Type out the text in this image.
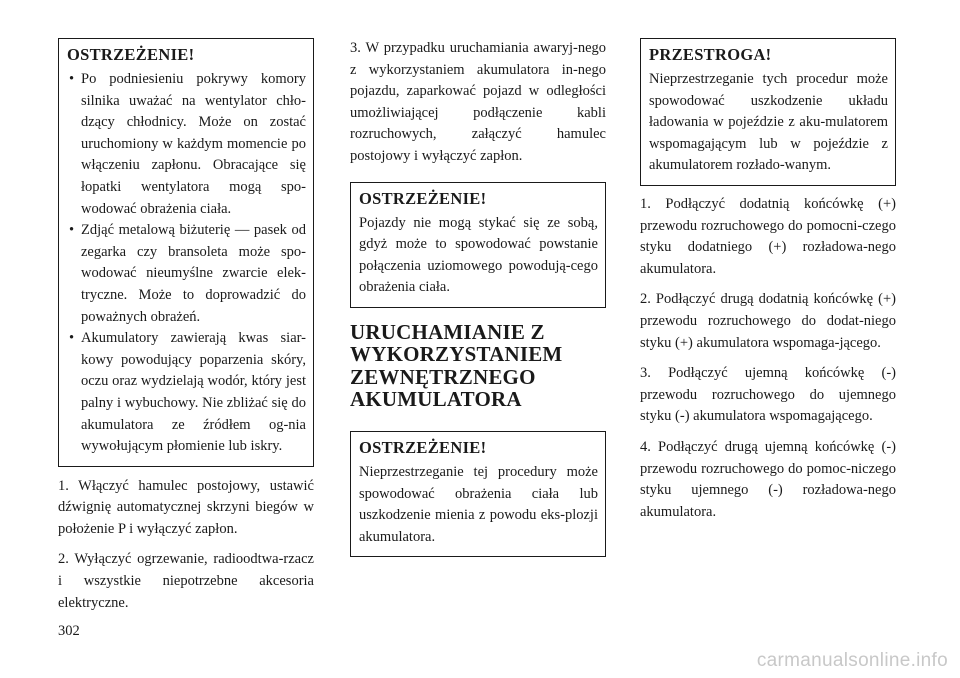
OSTRZEŻENIE!
• Po podniesieniu pokrywy komory silnika uważać na wentylator chło-dzący chłodnicy. Może on zostać uruchomiony w każdym momencie po włączeniu zapłonu. Obracające się łopatki wentylatora mogą spo-wodować obrażenia ciała.
• Zdjąć metalową biżuterię — pasek od zegarka czy bransoleta może spo-wodować nieumyślne zwarcie elek-tryczne. Może to doprowadzić do poważnych obrażeń.
• Akumulatory zawierają kwas siar-kowy powodujący poparzenia skóry, oczu oraz wydzielają wodór, który jest palny i wybuchowy. Nie zbliżać się do akumulatora ze źródłem og-nia wywołującym płomienie lub iskry.

1. Włączyć hamulec postojowy, ustawić dźwignię automatycznej skrzyni biegów w położenie P i wyłączyć zapłon.

2. Wyłączyć ogrzewanie, radioodtwa-rzacz i wszystkie niepotrzebne akcesoria elektryczne.

3. W przypadku uruchamiania awaryj-nego z wykorzystaniem akumulatora in-nego pojazdu, zaparkować pojazd w odległości umożliwiającej podłączenie kabli rozruchowych, załączyć hamulec postojowy i wyłączyć zapłon.

OSTRZEŻENIE!

Pojazdy nie mogą stykać się ze sobą, gdyż może to spowodować powstanie połączenia uziomowego powodują-cego obrażenia ciała.

URUCHAMIANIE Z WYKORZYSTANIEM ZEWNĘTRZNEGO AKUMULATORA
OSTRZEŻENIE!

Nieprzestrzeganie tej procedury może spowodować obrażenia ciała lub uszkodzenie mienia z powodu eks-plozji akumulatora.

PRZESTROGA!

Nieprzestrzeganie tych procedur może spowodować uszkodzenie układu ładowania w pojeździe z aku-mulatorem wspomagającym lub w pojeździe z akumulatorem rozłado-wanym.

1. Podłączyć dodatnią końcówkę (+) przewodu rozruchowego do pomocni-czego styku dodatniego (+) rozładowa-nego akumulatora.

2. Podłączyć drugą dodatnią końcówkę (+) przewodu rozruchowego do dodat-niego styku (+) akumulatora wspomaga-jącego.

3. Podłączyć ujemną końcówkę (-) przewodu rozruchowego do ujemnego styku (-) akumulatora wspomagającego.

4. Podłączyć drugą ujemną końcówkę (-) przewodu rozruchowego do pomoc-niczego styku ujemnego (-) rozładowa-nego akumulatora.

302
carmanualsonline.info
